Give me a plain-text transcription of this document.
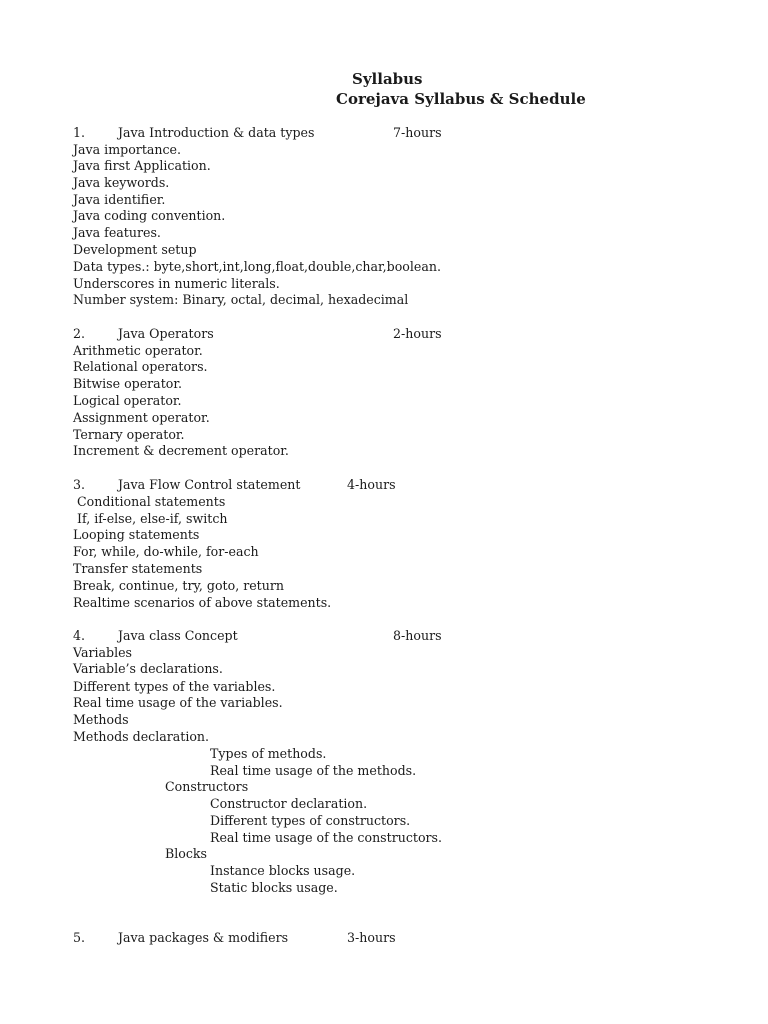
Syllabus
Corejava Syllabus & Schedule
1.	Java Introduction & data types	7-hours
Java importance.
Java first Application.
Java keywords.
Java identifier.
Java coding convention.
Java features.
Development setup
Data types.: byte,short,int,long,float,double,char,boolean.
Underscores in numeric literals.
Number system: Binary, octal, decimal, hexadecimal
2.	Java Operators	2-hours
Arithmetic operator.
Relational operators.
Bitwise operator.
Logical operator.
Assignment operator.
Ternary operator.
Increment & decrement operator.
3.	Java Flow Control statement	4-hours
Conditional statements
If, if-else, else-if, switch
Looping statements
For, while, do-while, for-each
Transfer statements
Break, continue, try, goto, return
Realtime scenarios of above statements.
4.	Java class Concept	8-hours
Variables
Variable’s declarations.
Different types of the variables.
Real time usage of the variables.
Methods
Methods declaration.
Types of methods.
Real time usage of the methods.
Constructors
Constructor declaration.
Different types of constructors.
Real time usage of the constructors.
Blocks
Instance blocks usage.
Static blocks usage.
5.	Java packages & modifiers	3-hours
